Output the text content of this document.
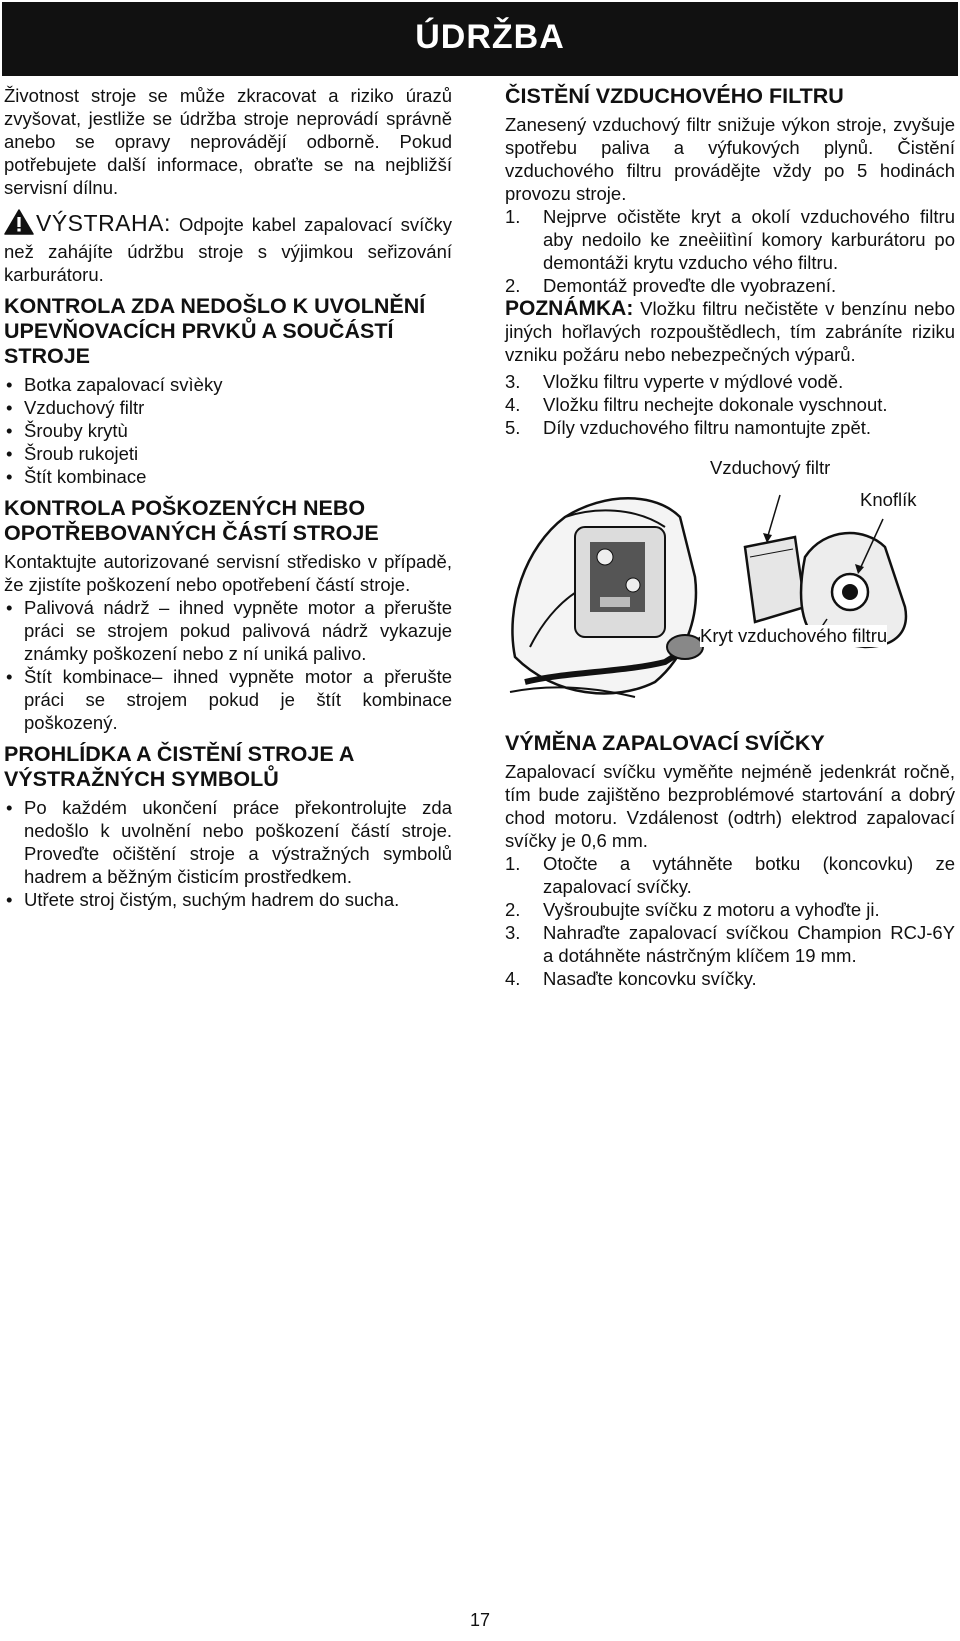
ÚDRŽBA

Životnost stroje se může zkracovat a riziko úrazů zvyšovat, jestliže se údržba stroje neprovádí správně anebo se opravy neprovádějí odborně. Pokud potřebujete další informace, obraťte se na nejbližší servisní dílnu.

VÝSTRAHA: Odpojte kabel zapalovací svíčky než zahájíte údržbu stroje s výjimkou seřizování karburátoru.

KONTROLA ZDA NEDOŠLO K UVOLNĚNÍ UPEVŇOVACÍCH PRVKŮ A SOUČÁSTÍ STROJE
• Botka zapalovací svìèky
• Vzduchový filtr
• Šrouby krytù
• Šroub rukojeti
• Štít kombinace
KONTROLA POŠKOZENÝCH NEBO OPOTŘEBOVANÝCH ČÁSTÍ STROJE

Kontaktujte autorizované servisní středisko v případě, že zjistíte poškození nebo opotřebení částí stroje.

• Palivová nádrž – ihned vypněte motor a přerušte práci se strojem pokud palivová nádrž vykazuje známky poškození nebo z ní uniká palivo.
• Štít kombinace– ihned vypněte motor a přerušte práci se strojem pokud je štít kombinace poškozený.
PROHLÍDKA A ČISTĚNÍ STROJE A VÝSTRAŽNÝCH SYMBOLŮ
• Po každém ukončení práce překontrolujte zda nedošlo k uvolnění nebo poškození částí stroje. Proveďte očištění stroje a výstražných symbolů hadrem a běžným čisticím prostředkem.
• Utřete stroj čistým, suchým hadrem do sucha.
ČISTĚNÍ VZDUCHOVÉHO FILTRU

Zanesený vzduchový filtr snižuje výkon stroje, zvyšuje spotřebu paliva a výfukových plynů. Čistění vzduchového filtru provádějte vždy po 5 hodinách provozu stroje.

1. Nejprve očistěte kryt a okolí vzduchového filtru aby nedoilo ke zneèiitìní komory karburátoru po demontáži krytu vzducho vého filtru.
2. Demontáž proveďte dle vyobrazení.

POZNÁMKA: Vložku filtru nečistěte v benzínu nebo jiných hořlavých rozpouštědlech, tím zabráníte riziku vzniku požáru nebo nebezpečných výparů.

3. Vložku filtru vyperte v mýdlové vodě.
4. Vložku filtru nechejte dokonale vyschnout.
5. Díly vzduchového filtru namontujte zpět.
Vzduchový filtr
Knoflík
Kryt vzduchového filtru
VÝMĚNA ZAPALOVACÍ SVÍČKY

Zapalovací svíčku vyměňte nejméně jedenkrát ročně, tím bude zajištěno bezproblémové startování a dobrý chod motoru. Vzdálenost (odtrh) elektrod zapalovací svíčky je 0,6 mm.

1. Otočte a vytáhněte botku (koncovku) ze zapalovací svíčky.
2. Vyšroubujte svíčku z motoru a vyhoďte ji.
3. Nahraďte zapalovací svíčkou Champion RCJ-6Y a dotáhněte nástrčným klíčem 19 mm.
4. Nasaďte koncovku svíčky.
17
